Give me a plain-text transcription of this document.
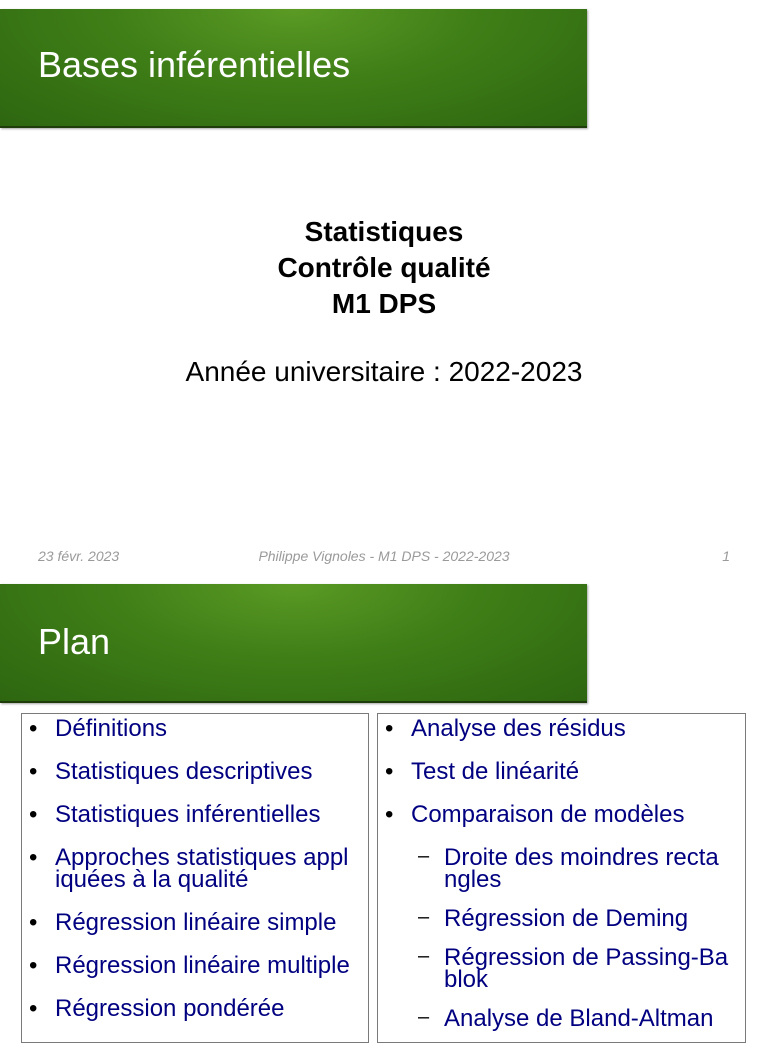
Bases inférentielles
Statistiques
Contrôle qualité
M1 DPS
Année universitaire : 2022-2023
23 févr. 2023	Philippe Vignoles - M1 DPS - 2022-2023	1
Plan
• Définitions
• Statistiques descriptives
• Statistiques inférentielles
• Approches statistiques appl iquées à la qualité
• Régression linéaire simple
• Régression linéaire multiple
• Régression pondérée
• Analyse des résidus
• Test de linéarité
• Comparaison de modèles
– Droite des moindres recta ngles
– Régression de Deming
– Régression de Passing-Ba blok
– Analyse de Bland-Altman
